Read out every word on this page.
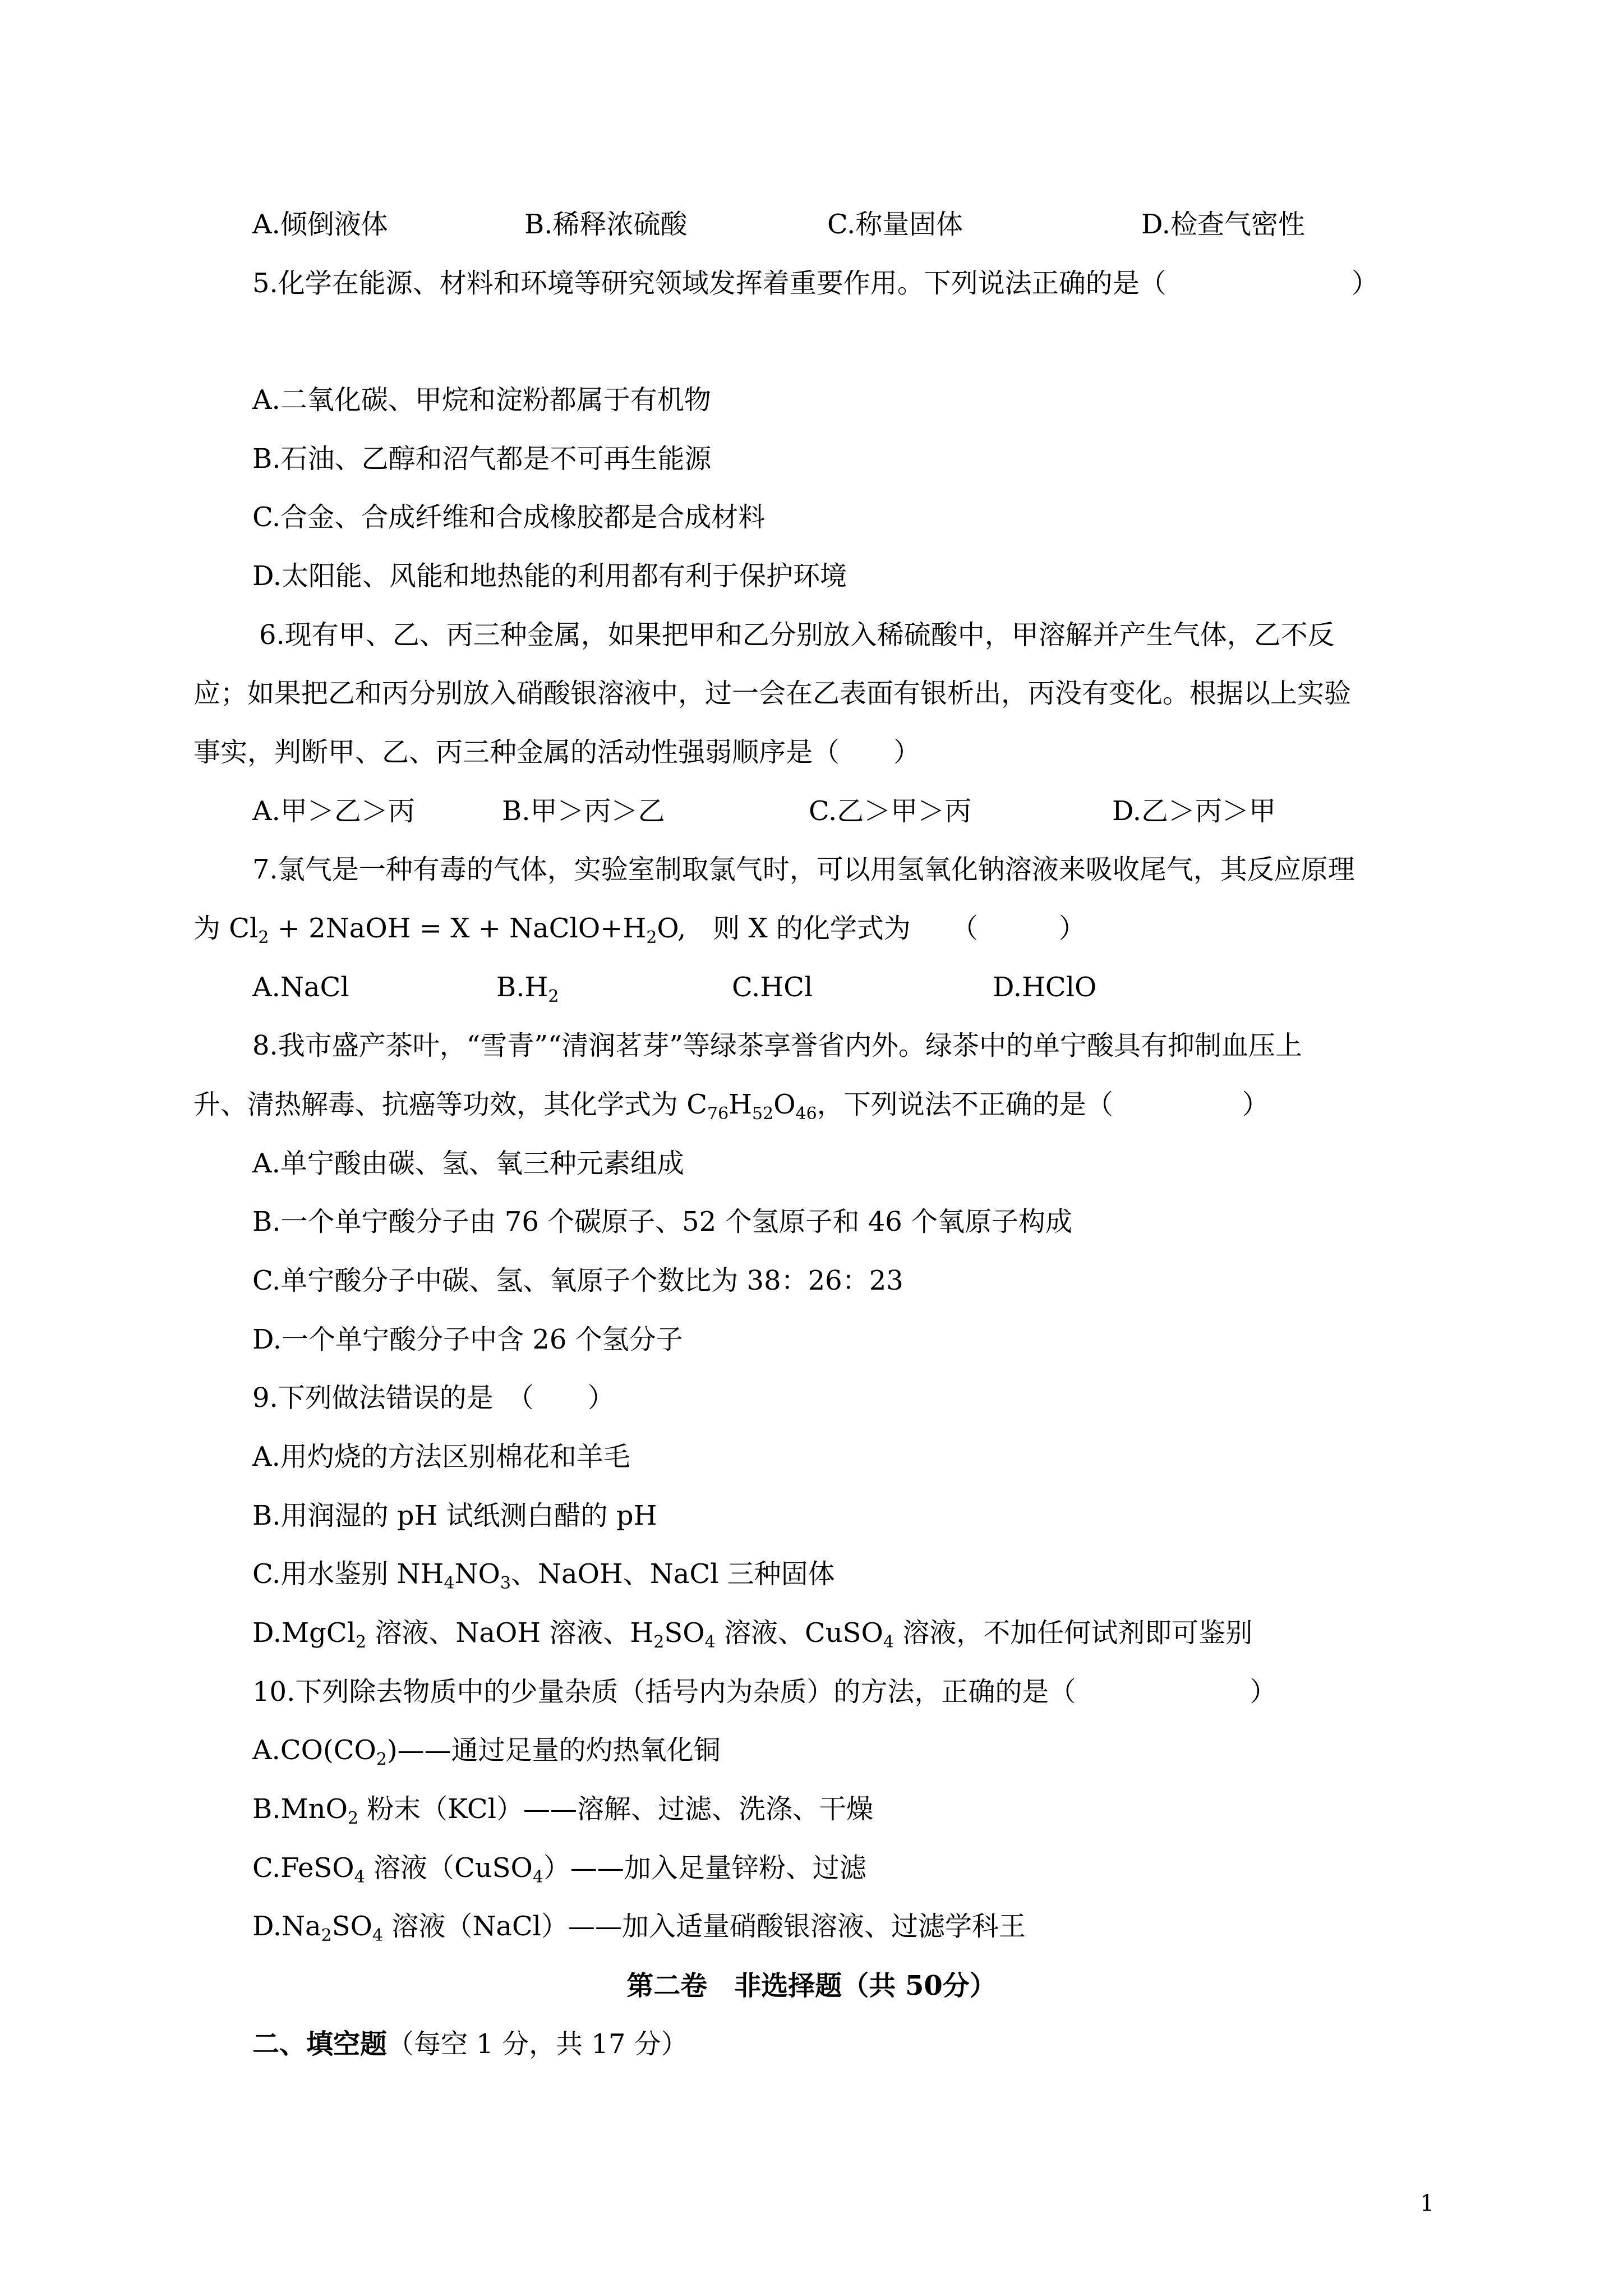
A.倾倒液体	B.稀释浓硫酸	C.称量固体	D.检查气密性
5.化学在能源、材料和环境等研究领域发挥着重要作用。下列说法正确的是（	）
A.二氧化碳、甲烷和淀粉都属于有机物
B.石油、乙醇和沼气都是不可再生能源
C.合金、合成纤维和合成橡胶都是合成材料
D.太阳能、风能和地热能的利用都有利于保护环境
6.现有甲、乙、丙三种金属，如果把甲和乙分别放入稀硫酸中，甲溶解并产生气体，乙不反
应；如果把乙和丙分别放入硝酸银溶液中，过一会在乙表面有银析出，丙没有变化。根据以上实验
事实，判断甲、乙、丙三种金属的活动性强弱顺序是（　　）
A.甲＞乙＞丙	B.甲＞丙＞乙	C.乙＞甲＞丙	D.乙＞丙＞甲
7.氯气是一种有毒的气体，实验室制取氯气时，可以用氢氧化钠溶液来吸收尾气，其反应原理
为 $Cl_2$ + 2NaOH = $X + NaClO+H_2O$,　则 X 的化学式为　　（　　　）
A.NaCl	$B.H_2$	C.HCl	D.HClO
8.我市盛产茶叶，“雪青”“清润茗芽”等绿茶享誉省内外。绿茶中的单宁酸具有抑制血压上
升、清热解毒、抗癌等功效，其化学式为 $C_{76}H_{52}O_{46}$，下列说法不正确的是（	）
A.单宁酸由碳、氢、氧三种元素组成
B.一个单宁酸分子由 76 个碳原子、52 个氢原子和 46 个氧原子构成
C.单宁酸分子中碳、氢、氧原子个数比为 38：26：23
D.一个单宁酸分子中含 26 个氢分子
9.下列做法错误的是　（　　）
A.用灼烧的方法区别棉花和羊毛
B.用润湿的 pH 试纸测白醋的 pH
C.用水鉴别 $NH_4NO_3$、NaOH、NaCl 三种固体
D.MgCl$_2$ 溶液、NaOH 溶液、$H_2SO_4$ 溶液、CuSO$_4$ 溶液，不加任何试剂即可鉴别
10.下列除去物质中的少量杂质（括号内为杂质）的方法，正确的是（	）
$A.CO(CO_2)——$通过足量的灼热氧化铜
B.MnO$_2$ 粉末（KCl）——溶解、过滤、洗涤、干燥
C.FeSO$_4$ 溶液（CuSO$_4$）——加入足量锌粉、过滤
$D.Na_2SO_4$ 溶液（NaCl）——加入适量硝酸银溶液、过滤学科王
第二卷　非选择题（共 50分）
二、填空题（每空 1 分，共 17 分）
1
